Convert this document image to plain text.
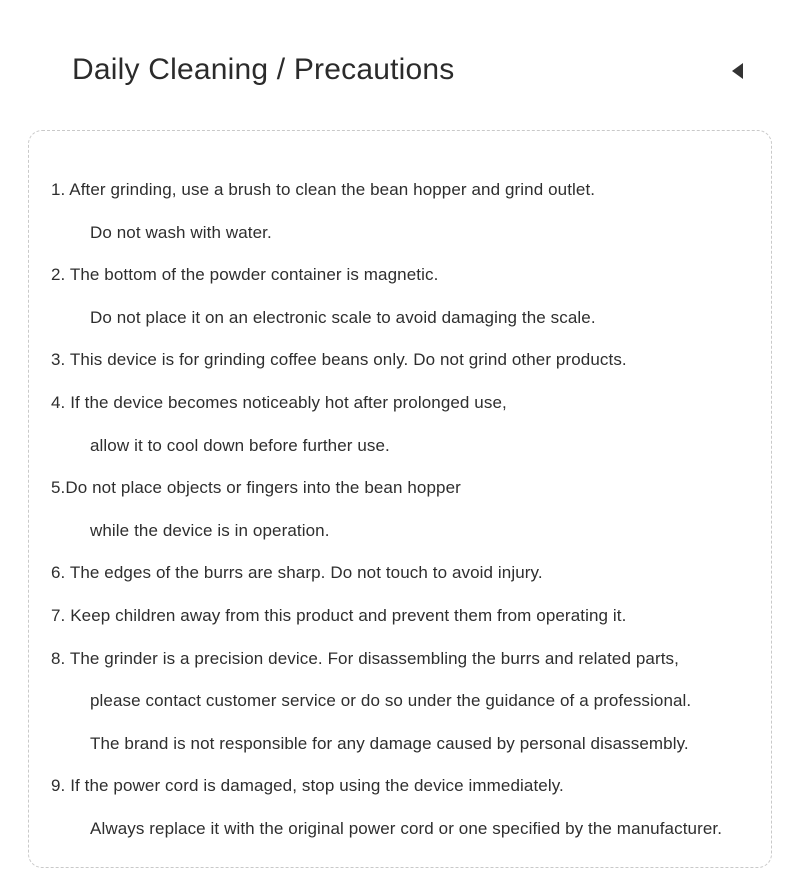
Daily Cleaning / Precautions
1. After grinding, use a brush to clean the bean hopper and grind outlet.
Do not wash with water.
2. The bottom of the powder container is magnetic.
Do not place it on an electronic scale to avoid damaging the scale.
3. This device is for grinding coffee beans only. Do not grind other products.
4. If the device becomes noticeably hot after prolonged use,
allow it to cool down before further use.
5.Do not place objects or fingers into the bean hopper
while the device is in operation.
6. The edges of the burrs are sharp. Do not touch to avoid injury.
7. Keep children away from this product and prevent them from operating it.
8. The grinder is a precision device. For disassembling the burrs and related parts,
please contact customer service or do so under the guidance of a professional.
The brand is not responsible for any damage caused by personal disassembly.
9. If the power cord is damaged, stop using the device immediately.
Always replace it with the original power cord or one specified by the manufacturer.
